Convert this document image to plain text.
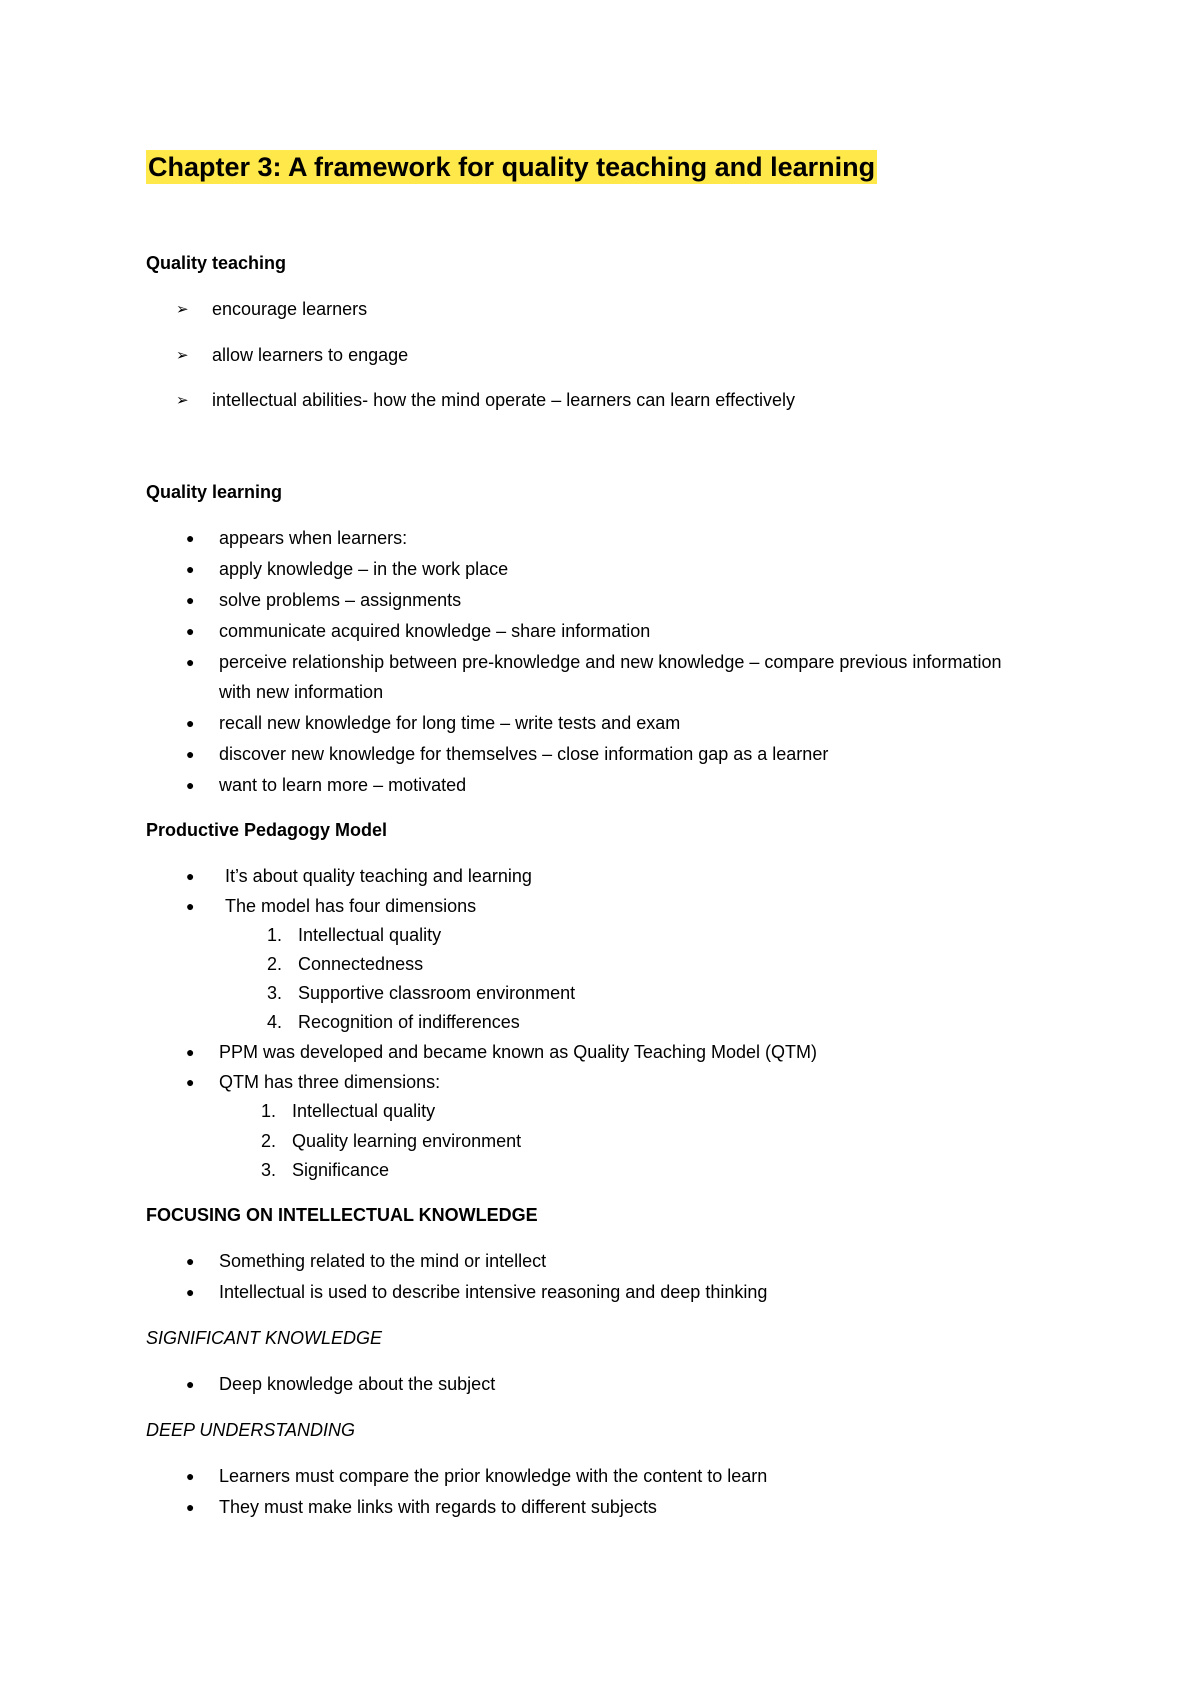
Chapter 3: A framework for quality teaching and learning
Quality teaching
➢ encourage learners
➢ allow learners to engage
➢ intellectual abilities- how the mind operate – learners can learn effectively
Quality learning
● appears when learners:
● apply knowledge – in the work place
● solve problems – assignments
● communicate acquired knowledge – share information
● perceive relationship between pre-knowledge and new knowledge – compare previous information with new information
● recall new knowledge for long time – write tests and exam
● discover new knowledge for themselves – close information gap as a learner
● want to learn more – motivated
Productive Pedagogy Model
● It’s about quality teaching and learning
● The model has four dimensions
1. Intellectual quality
2. Connectedness
3. Supportive classroom environment
4. Recognition of indifferences
● PPM was developed and became known as Quality Teaching Model (QTM)
● QTM has three dimensions:
1. Intellectual quality
2. Quality learning environment
3. Significance
FOCUSING ON INTELLECTUAL KNOWLEDGE
● Something related to the mind or intellect
● Intellectual is used to describe intensive reasoning and deep thinking
SIGNIFICANT KNOWLEDGE
● Deep knowledge about the subject
DEEP UNDERSTANDING
● Learners must compare the prior knowledge with the content to learn
● They must make links with regards to different subjects
